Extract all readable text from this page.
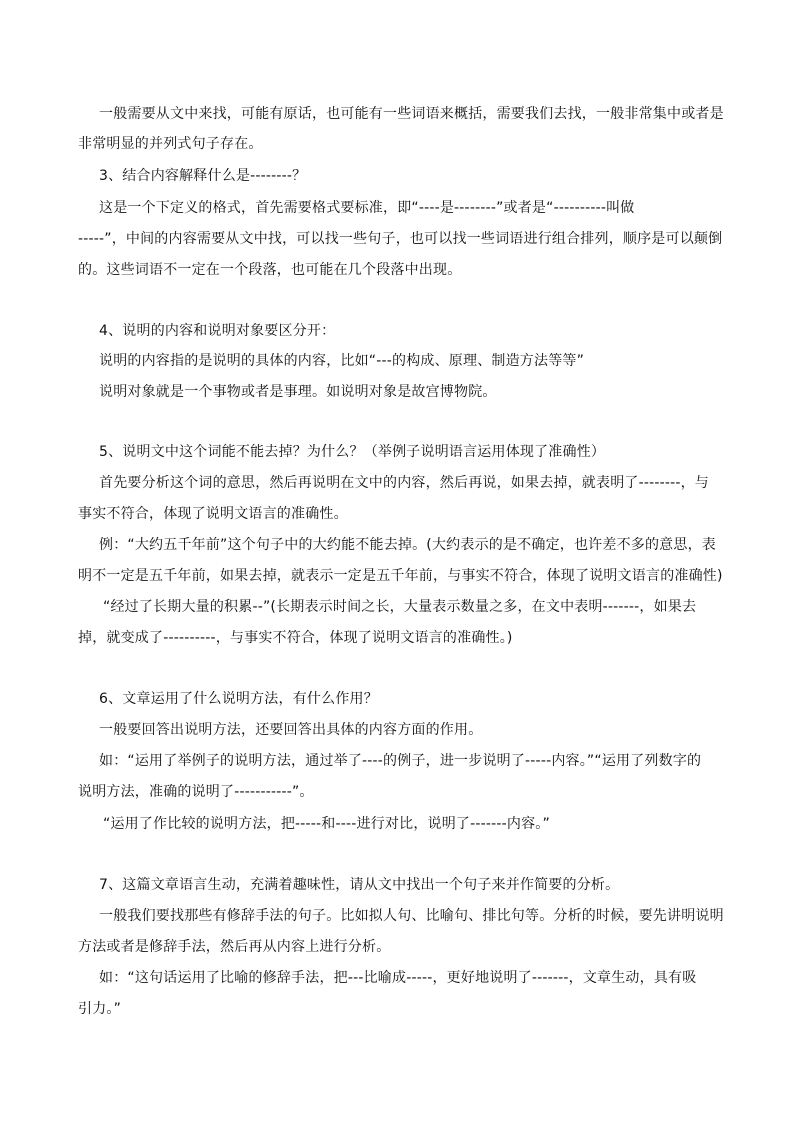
一般需要从文中来找，可能有原话，也可能有一些词语来概括，需要我们去找，一般非常集中或者是
非常明显的并列式句子存在。
3、结合内容解释什么是--------？
这是一个下定义的格式，首先需要格式要标准，即“----是--------”或者是“----------叫做
-----”，中间的内容需要从文中找，可以找一些句子，也可以找一些词语进行组合排列，顺序是可以颠倒
的。这些词语不一定在一个段落，也可能在几个段落中出现。
4、说明的内容和说明对象要区分开：
说明的内容指的是说明的具体的内容，比如“---的构成、原理、制造方法等等”
说明对象就是一个事物或者是事理。如说明对象是故宫博物院。
5、说明文中这个词能不能去掉？为什么？（举例子说明语言运用体现了准确性）
首先要分析这个词的意思，然后再说明在文中的内容，然后再说，如果去掉，就表明了--------，与
事实不符合，体现了说明文语言的准确性。
例：“大约五千年前”这个句子中的大约能不能去掉。(大约表示的是不确定，也许差不多的意思，表
明不一定是五千年前，如果去掉，就表示一定是五千年前，与事实不符合，体现了说明文语言的准确性)
“经过了长期大量的积累--”(长期表示时间之长，大量表示数量之多，在文中表明-------，如果去
掉，就变成了----------，与事实不符合，体现了说明文语言的准确性。)
6、文章运用了什么说明方法，有什么作用？
一般要回答出说明方法，还要回答出具体的内容方面的作用。
如：“运用了举例子的说明方法，通过举了----的例子，进一步说明了-----内容。”“运用了列数字的
说明方法，准确的说明了-----------”。
“运用了作比较的说明方法，把-----和----进行对比，说明了-------内容。”
7、这篇文章语言生动，充满着趣味性，请从文中找出一个句子来并作简要的分析。
一般我们要找那些有修辞手法的句子。比如拟人句、比喻句、排比句等。分析的时候，要先讲明说明
方法或者是修辞手法，然后再从内容上进行分析。
如：“这句话运用了比喻的修辞手法，把---比喻成-----，更好地说明了-------，文章生动，具有吸
引力。”
